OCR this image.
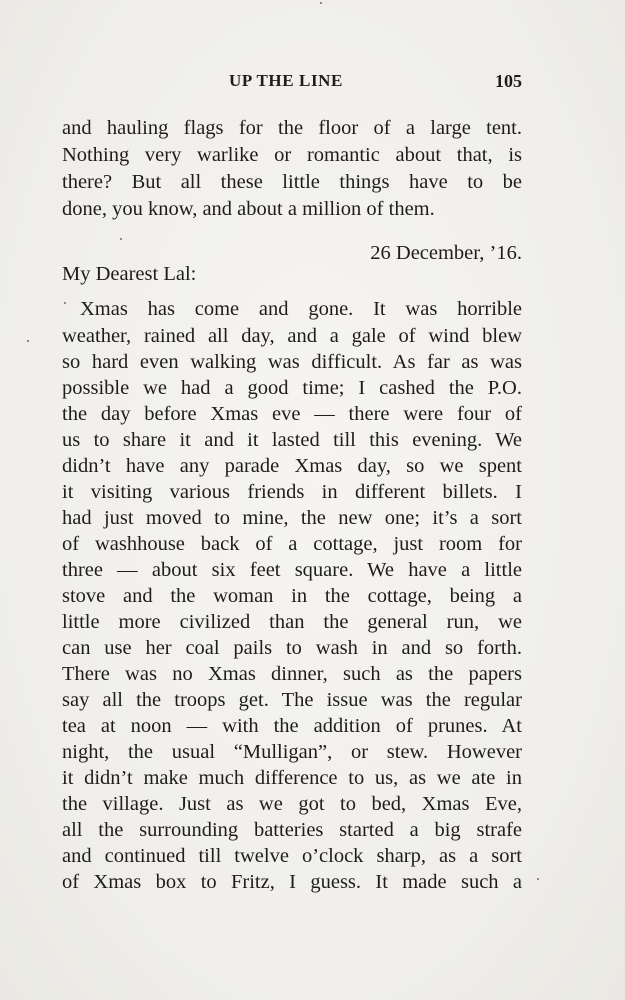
UP THE LINE	105
and hauling flags for the floor of a large tent.
Nothing very warlike or romantic about that, is
there? But all these little things have to be
done, you know, and about a million of them.
26 December, ’16.
My Dearest Lal:
Xmas has come and gone. It was horrible
weather, rained all day, and a gale of wind blew
so hard even walking was difficult. As far as was
possible we had a good time; I cashed the P.O.
the day before Xmas eve — there were four of
us to share it and it lasted till this evening. We
didn’t have any parade Xmas day, so we spent
it visiting various friends in different billets. I
had just moved to mine, the new one; it’s a sort
of washhouse back of a cottage, just room for
three — about six feet square. We have a little
stove and the woman in the cottage, being a
little more civilized than the general run, we
can use her coal pails to wash in and so forth.
There was no Xmas dinner, such as the papers
say all the troops get. The issue was the regular
tea at noon — with the addition of prunes. At
night, the usual “Mulligan”, or stew. However
it didn’t make much difference to us, as we ate in
the village. Just as we got to bed, Xmas Eve,
all the surrounding batteries started a big strafe
and continued till twelve o’clock sharp, as a sort
of Xmas box to Fritz, I guess. It made such a
